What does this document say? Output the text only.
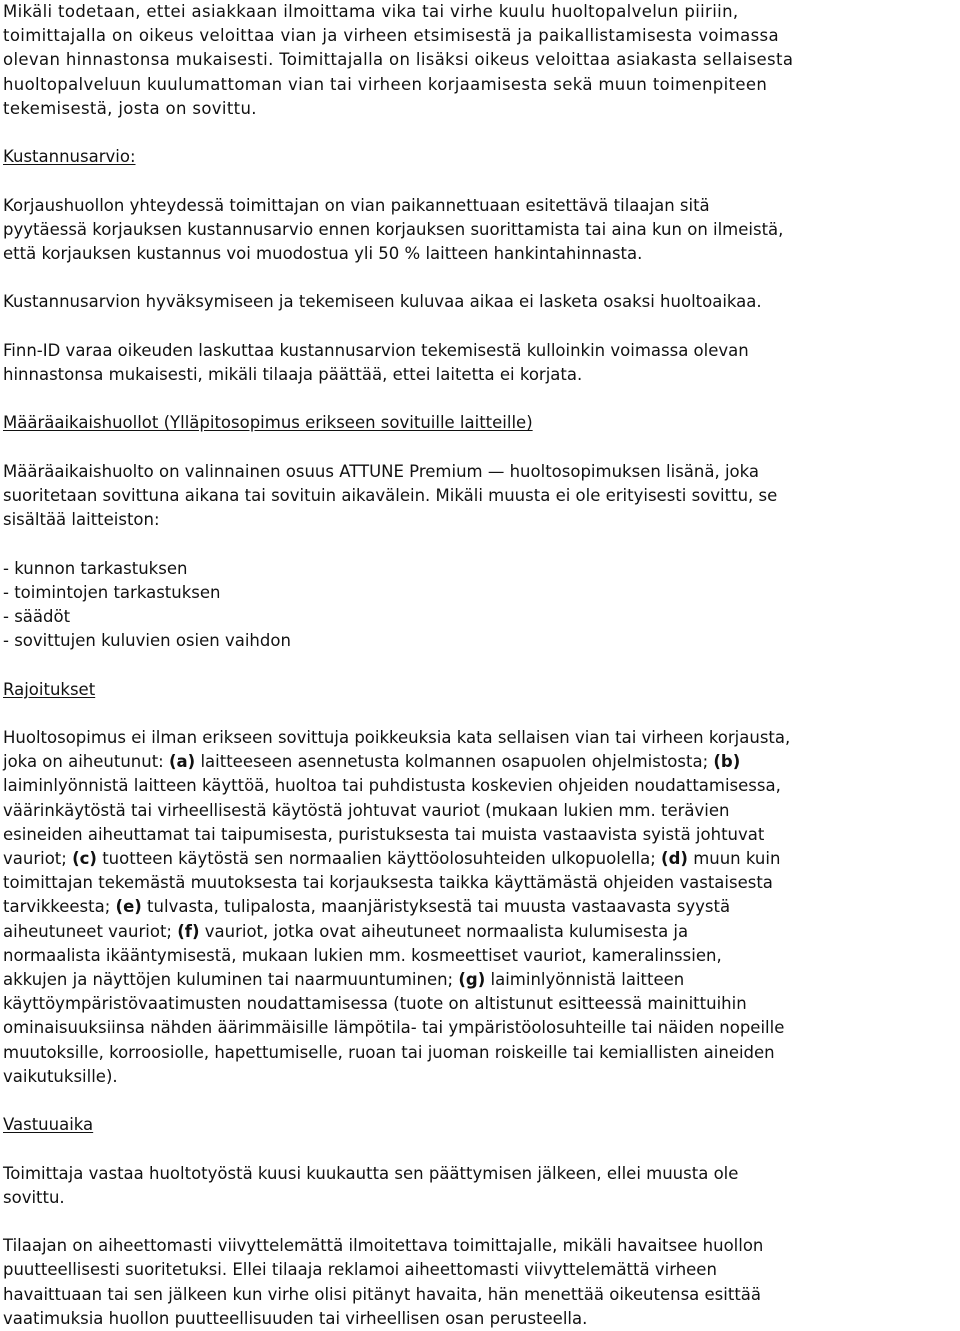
Mikäli todetaan, ettei asiakkaan ilmoittama vika tai virhe kuulu huoltopalvelun piiriin,
toimittajalla on oikeus veloittaa vian ja virheen etsimisestä ja paikallistamisesta voimassa
olevan hinnastonsa mukaisesti. Toimittajalla on lisäksi oikeus veloittaa asiakasta sellaisesta
huoltopalveluun kuulumattoman vian tai virheen korjaamisesta sekä muun toimenpiteen
tekemisestä, josta on sovittu.
Kustannusarvio:
Korjaushuollon yhteydessä toimittajan on vian paikannettuaan esitettävä tilaajan sitä
pyytäessä korjauksen kustannusarvio ennen korjauksen suorittamista tai aina kun on ilmeistä,
että korjauksen kustannus voi muodostua yli 50 % laitteen hankintahinnasta.
Kustannusarvion hyväksymiseen ja tekemiseen kuluvaa aikaa ei lasketa osaksi huoltoaikaa.
Finn-ID varaa oikeuden laskuttaa kustannusarvion tekemisestä kulloinkin voimassa olevan
hinnastonsa mukaisesti, mikäli tilaaja päättää, ettei laitetta ei korjata.
Määräaikaishuollot (Ylläpitosopimus erikseen sovituille laitteille)
Määräaikaishuolto on valinnainen osuus ATTUNE Premium — huoltosopimuksen lisänä, joka
suoritetaan sovittuna aikana tai sovituin aikavälein. Mikäli muusta ei ole erityisesti sovittu, se
sisältää laitteiston:
- kunnon tarkastuksen
- toimintojen tarkastuksen
- säädöt
- sovittujen kuluvien osien vaihdon
Rajoitukset
Huoltosopimus ei ilman erikseen sovittuja poikkeuksia kata sellaisen vian tai virheen korjausta,
joka on aiheutunut: (a) laitteeseen asennetusta kolmannen osapuolen ohjelmistosta; (b)
laiminlyönnistä laitteen käyttöä, huoltoa tai puhdistusta koskevien ohjeiden noudattamisessa,
väärinkäytöstä tai virheellisestä käytöstä johtuvat vauriot (mukaan lukien mm. terävien
esineiden aiheuttamat tai taipumisesta, puristuksesta tai muista vastaavista syistä johtuvat
vauriot; (c) tuotteen käytöstä sen normaalien käyttöolosuhteiden ulkopuolella; (d) muun kuin
toimittajan tekemästä muutoksesta tai korjauksesta taikka käyttämästä ohjeiden vastaisesta
tarvikkeesta; (e) tulvasta, tulipalosta, maanjäristyksestä tai muusta vastaavasta syystä
aiheutuneet vauriot; (f) vauriot, jotka ovat aiheutuneet normaalista kulumisesta ja
normaalista ikääntymisestä, mukaan lukien mm. kosmeettiset vauriot, kameralinssien,
akkujen ja näyttöjen kuluminen tai naarmuuntuminen; (g) laiminlyönnistä laitteen
käyttöympäristövaatimusten noudattamisessa (tuote on altistunut esitteessä mainittuihin
ominaisuuksiinsa nähden äärimmäisille lämpötila- tai ympäristöolosuhteille tai näiden nopeille
muutoksille, korroosiolle, hapettumiselle, ruoan tai juoman roiskeille tai kemiallisten aineiden
vaikutuksille).
Vastuuaika
Toimittaja vastaa huoltotyöstä kuusi kuukautta sen päättymisen jälkeen, ellei muusta ole
sovittu.
Tilaajan on aiheettomasti viivyttelemättä ilmoitettava toimittajalle, mikäli havaitsee huollon
puutteellisesti suoritetuksi. Ellei tilaaja reklamoi aiheettomasti viivyttelemättä virheen
havaittuaan tai sen jälkeen kun virhe olisi pitänyt havaita, hän menettää oikeutensa esittää
vaatimuksia huollon puutteellisuuden tai virheellisen osan perusteella.
